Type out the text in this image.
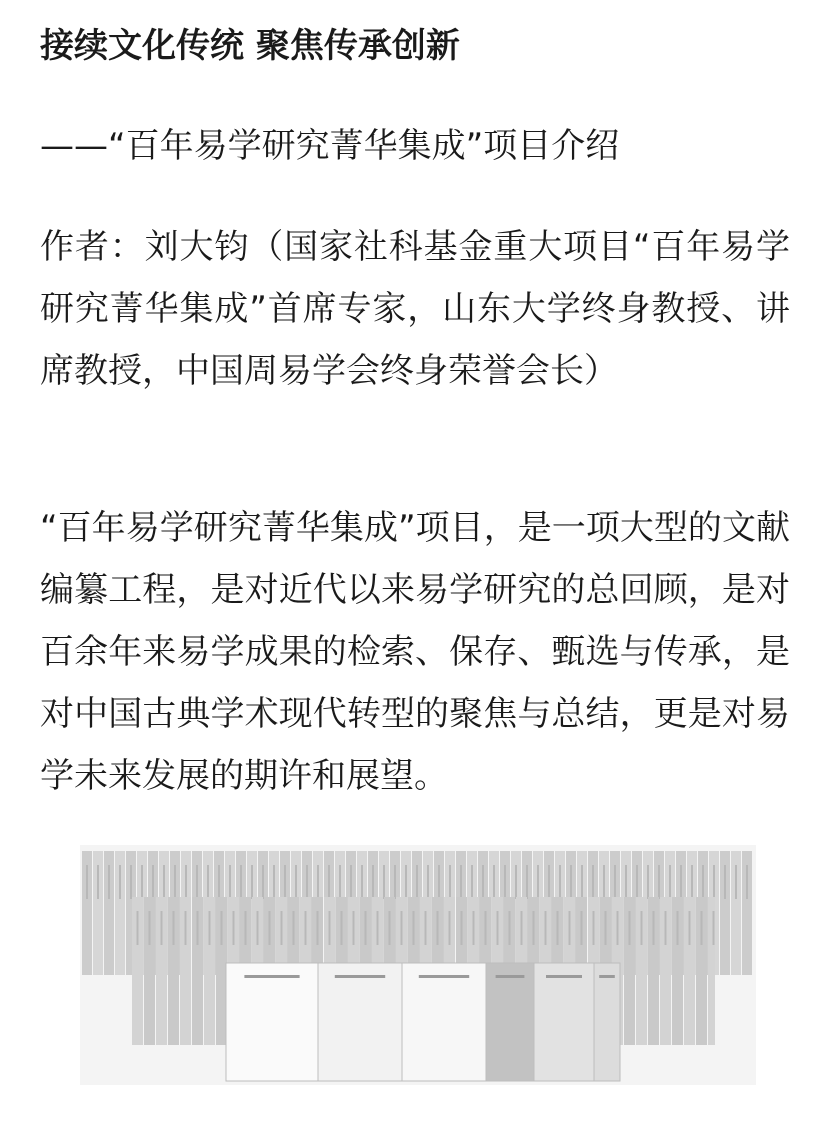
接续文化传统 聚焦传承创新
——“百年易学研究菁华集成”项目介绍
作者：刘大钧（国家社科基金重大项目“百年易学研究菁华集成”首席专家，山东大学终身教授、讲席教授，中国周易学会终身荣誉会长）
“百年易学研究菁华集成”项目，是一项大型的文献编纂工程，是对近代以来易学研究的总回顾，是对百余年来易学成果的检索、保存、甄选与传承，是对中国古典学术现代转型的聚焦与总结，更是对易学未来发展的期许和展望。
